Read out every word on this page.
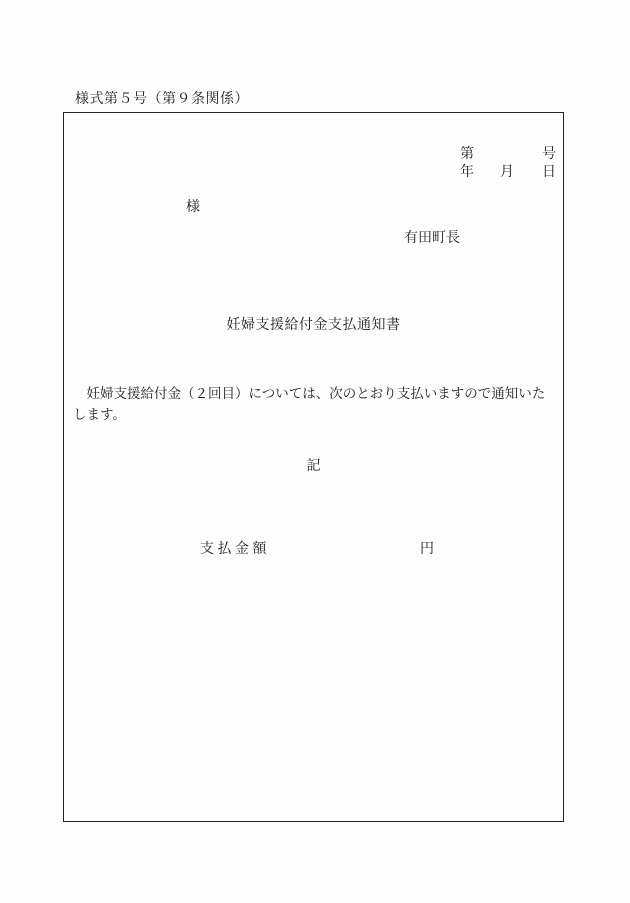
様式第５号（第９条関係）
第	号
年 月 日
様
有田町長
妊婦支援給付金支払通知書
　妊婦支援給付金（２回目）については、次のとおり支払いますので通知いたします。
記
支 払 金 額	円
